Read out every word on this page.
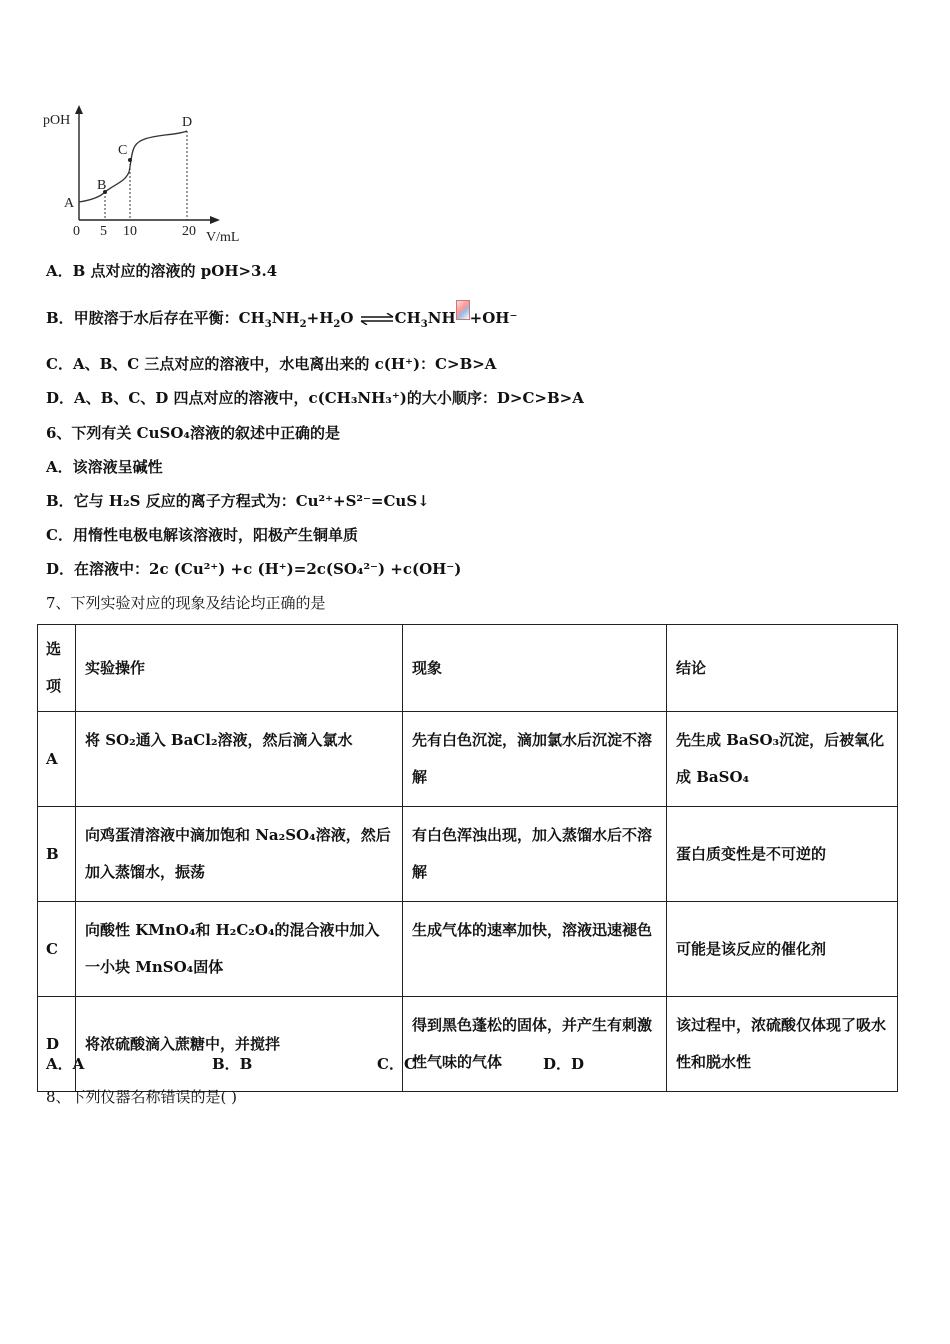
pOH
V/mL
0 5 10	20
A
B
C
D
A．B 点对应的溶液的 pOH>3.4
B．甲胺溶于水后存在平衡：$CH_3NH_2+H_2O$ $\rightleftharpoons CH_3NH +OH^-$
C．A、B、C 三点对应的溶液中，水电离出来的 c(H⁺)：C>B>A
D．A、B、C、D 四点对应的溶液中，c(CH₃NH₃⁺)的大小顺序：D>C>B>A
6、下列有关 CuSO₄溶液的叙述中正确的是
A．该溶液呈碱性
B．它与 H₂S 反应的离子方程式为：Cu²⁺+S²⁻=CuS↓
C．用惰性电极电解该溶液时，阳极产生铜单质
D．在溶液中：2c (Cu²⁺) +c (H⁺)=2c(SO₄²⁻) +c(OH⁻)
7、下列实验对应的现象及结论均正确的是
选项	实验操作	现象	结论
A	将 SO₂通入 BaCl₂溶液，然后滴入氯水	先有白色沉淀，滴加氯水后沉淀不溶解	先生成 BaSO₃沉淀，后被氧化成 BaSO₄
B	向鸡蛋清溶液中滴加饱和 Na₂SO₄溶液，然后加入蒸馏水，振荡	有白色浑浊出现，加入蒸馏水后不溶解	蛋白质变性是不可逆的
C	向酸性 KMnO₄和 H₂C₂O₄的混合液中加入一小块 MnSO₄固体	生成气体的速率加快，溶液迅速褪色	可能是该反应的催化剂
D	将浓硫酸滴入蔗糖中，并搅拌	得到黑色蓬松的固体，并产生有刺激性气味的气体	该过程中，浓硫酸仅体现了吸水性和脱水性
A．A	B．B	C．C	D．D
8、下列仪器名称错误的是( )
